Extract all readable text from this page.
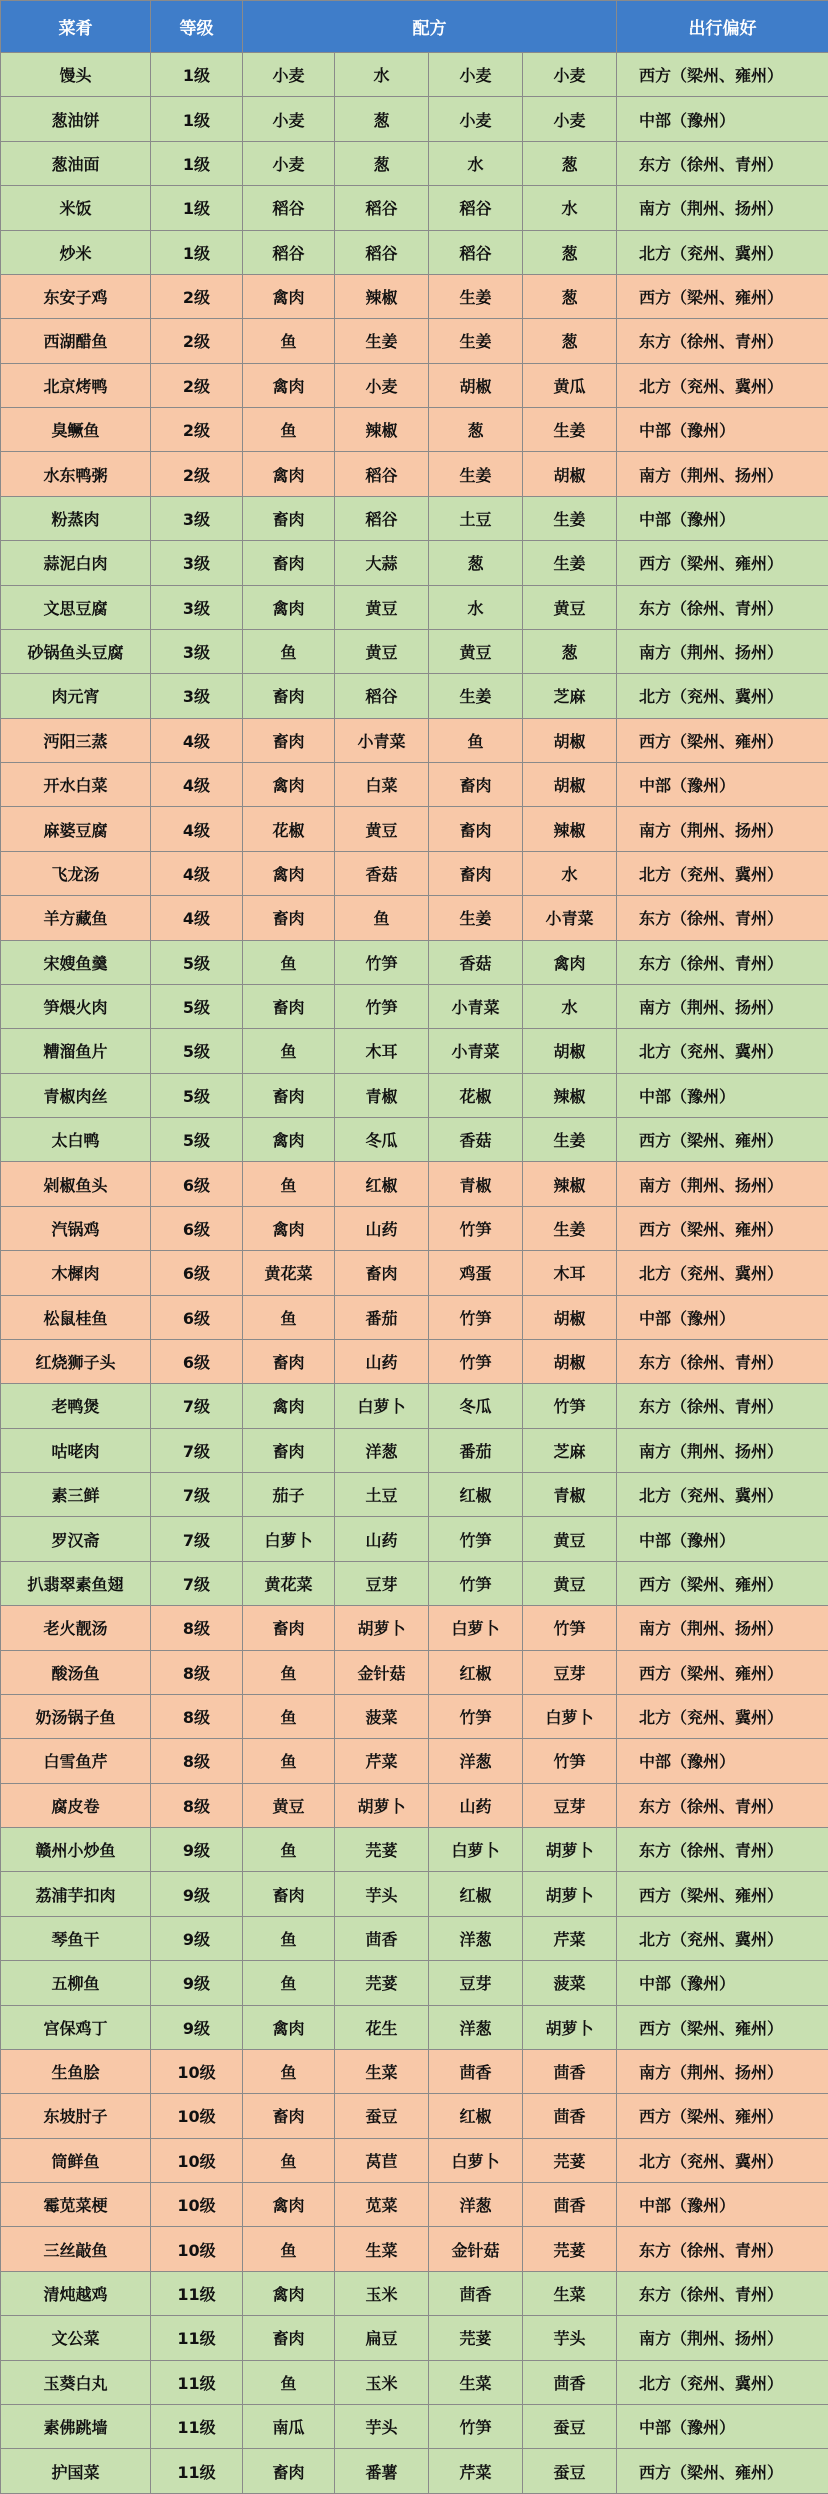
菜肴	等级	配方				出行偏好
馒头	1级	小麦	水	小麦	小麦	西方（梁州、雍州）
葱油饼	1级	小麦	葱	小麦	小麦	中部（豫州）
葱油面	1级	小麦	葱	水	葱	东方（徐州、青州）
米饭	1级	稻谷	稻谷	稻谷	水	南方（荆州、扬州）
炒米	1级	稻谷	稻谷	稻谷	葱	北方（兖州、冀州）
东安子鸡	2级	禽肉	辣椒	生姜	葱	西方（梁州、雍州）
西湖醋鱼	2级	鱼	生姜	生姜	葱	东方（徐州、青州）
北京烤鸭	2级	禽肉	小麦	胡椒	黄瓜	北方（兖州、冀州）
臭鳜鱼	2级	鱼	辣椒	葱	生姜	中部（豫州）
水东鸭粥	2级	禽肉	稻谷	生姜	胡椒	南方（荆州、扬州）
粉蒸肉	3级	畜肉	稻谷	土豆	生姜	中部（豫州）
蒜泥白肉	3级	畜肉	大蒜	葱	生姜	西方（梁州、雍州）
文思豆腐	3级	禽肉	黄豆	水	黄豆	东方（徐州、青州）
砂锅鱼头豆腐	3级	鱼	黄豆	黄豆	葱	南方（荆州、扬州）
肉元宵	3级	畜肉	稻谷	生姜	芝麻	北方（兖州、冀州）
沔阳三蒸	4级	畜肉	小青菜	鱼	胡椒	西方（梁州、雍州）
开水白菜	4级	禽肉	白菜	畜肉	胡椒	中部（豫州）
麻婆豆腐	4级	花椒	黄豆	畜肉	辣椒	南方（荆州、扬州）
飞龙汤	4级	禽肉	香菇	畜肉	水	北方（兖州、冀州）
羊方藏鱼	4级	畜肉	鱼	生姜	小青菜	东方（徐州、青州）
宋嫂鱼羹	5级	鱼	竹笋	香菇	禽肉	东方（徐州、青州）
笋煨火肉	5级	畜肉	竹笋	小青菜	水	南方（荆州、扬州）
糟溜鱼片	5级	鱼	木耳	小青菜	胡椒	北方（兖州、冀州）
青椒肉丝	5级	畜肉	青椒	花椒	辣椒	中部（豫州）
太白鸭	5级	禽肉	冬瓜	香菇	生姜	西方（梁州、雍州）
剁椒鱼头	6级	鱼	红椒	青椒	辣椒	南方（荆州、扬州）
汽锅鸡	6级	禽肉	山药	竹笋	生姜	西方（梁州、雍州）
木樨肉	6级	黄花菜	畜肉	鸡蛋	木耳	北方（兖州、冀州）
松鼠桂鱼	6级	鱼	番茄	竹笋	胡椒	中部（豫州）
红烧狮子头	6级	畜肉	山药	竹笋	胡椒	东方（徐州、青州）
老鸭煲	7级	禽肉	白萝卜	冬瓜	竹笋	东方（徐州、青州）
咕咾肉	7级	畜肉	洋葱	番茄	芝麻	南方（荆州、扬州）
素三鲜	7级	茄子	土豆	红椒	青椒	北方（兖州、冀州）
罗汉斋	7级	白萝卜	山药	竹笋	黄豆	中部（豫州）
扒翡翠素鱼翅	7级	黄花菜	豆芽	竹笋	黄豆	西方（梁州、雍州）
老火靓汤	8级	畜肉	胡萝卜	白萝卜	竹笋	南方（荆州、扬州）
酸汤鱼	8级	鱼	金针菇	红椒	豆芽	西方（梁州、雍州）
奶汤锅子鱼	8级	鱼	菠菜	竹笋	白萝卜	北方（兖州、冀州）
白雪鱼芹	8级	鱼	芹菜	洋葱	竹笋	中部（豫州）
腐皮卷	8级	黄豆	胡萝卜	山药	豆芽	东方（徐州、青州）
赣州小炒鱼	9级	鱼	芫荽	白萝卜	胡萝卜	东方（徐州、青州）
荔浦芋扣肉	9级	畜肉	芋头	红椒	胡萝卜	西方（梁州、雍州）
琴鱼干	9级	鱼	茴香	洋葱	芹菜	北方（兖州、冀州）
五柳鱼	9级	鱼	芫荽	豆芽	菠菜	中部（豫州）
宫保鸡丁	9级	禽肉	花生	洋葱	胡萝卜	西方（梁州、雍州）
生鱼脍	10级	鱼	生菜	茴香	茴香	南方（荆州、扬州）
东坡肘子	10级	畜肉	蚕豆	红椒	茴香	西方（梁州、雍州）
筒鲜鱼	10级	鱼	莴苣	白萝卜	芫荽	北方（兖州、冀州）
霉苋菜梗	10级	禽肉	苋菜	洋葱	茴香	中部（豫州）
三丝敲鱼	10级	鱼	生菜	金针菇	芫荽	东方（徐州、青州）
清炖越鸡	11级	禽肉	玉米	茴香	生菜	东方（徐州、青州）
文公菜	11级	畜肉	扁豆	芫荽	芋头	南方（荆州、扬州）
玉葵白丸	11级	鱼	玉米	生菜	茴香	北方（兖州、冀州）
素佛跳墙	11级	南瓜	芋头	竹笋	蚕豆	中部（豫州）
护国菜	11级	畜肉	番薯	芹菜	蚕豆	西方（梁州、雍州）
